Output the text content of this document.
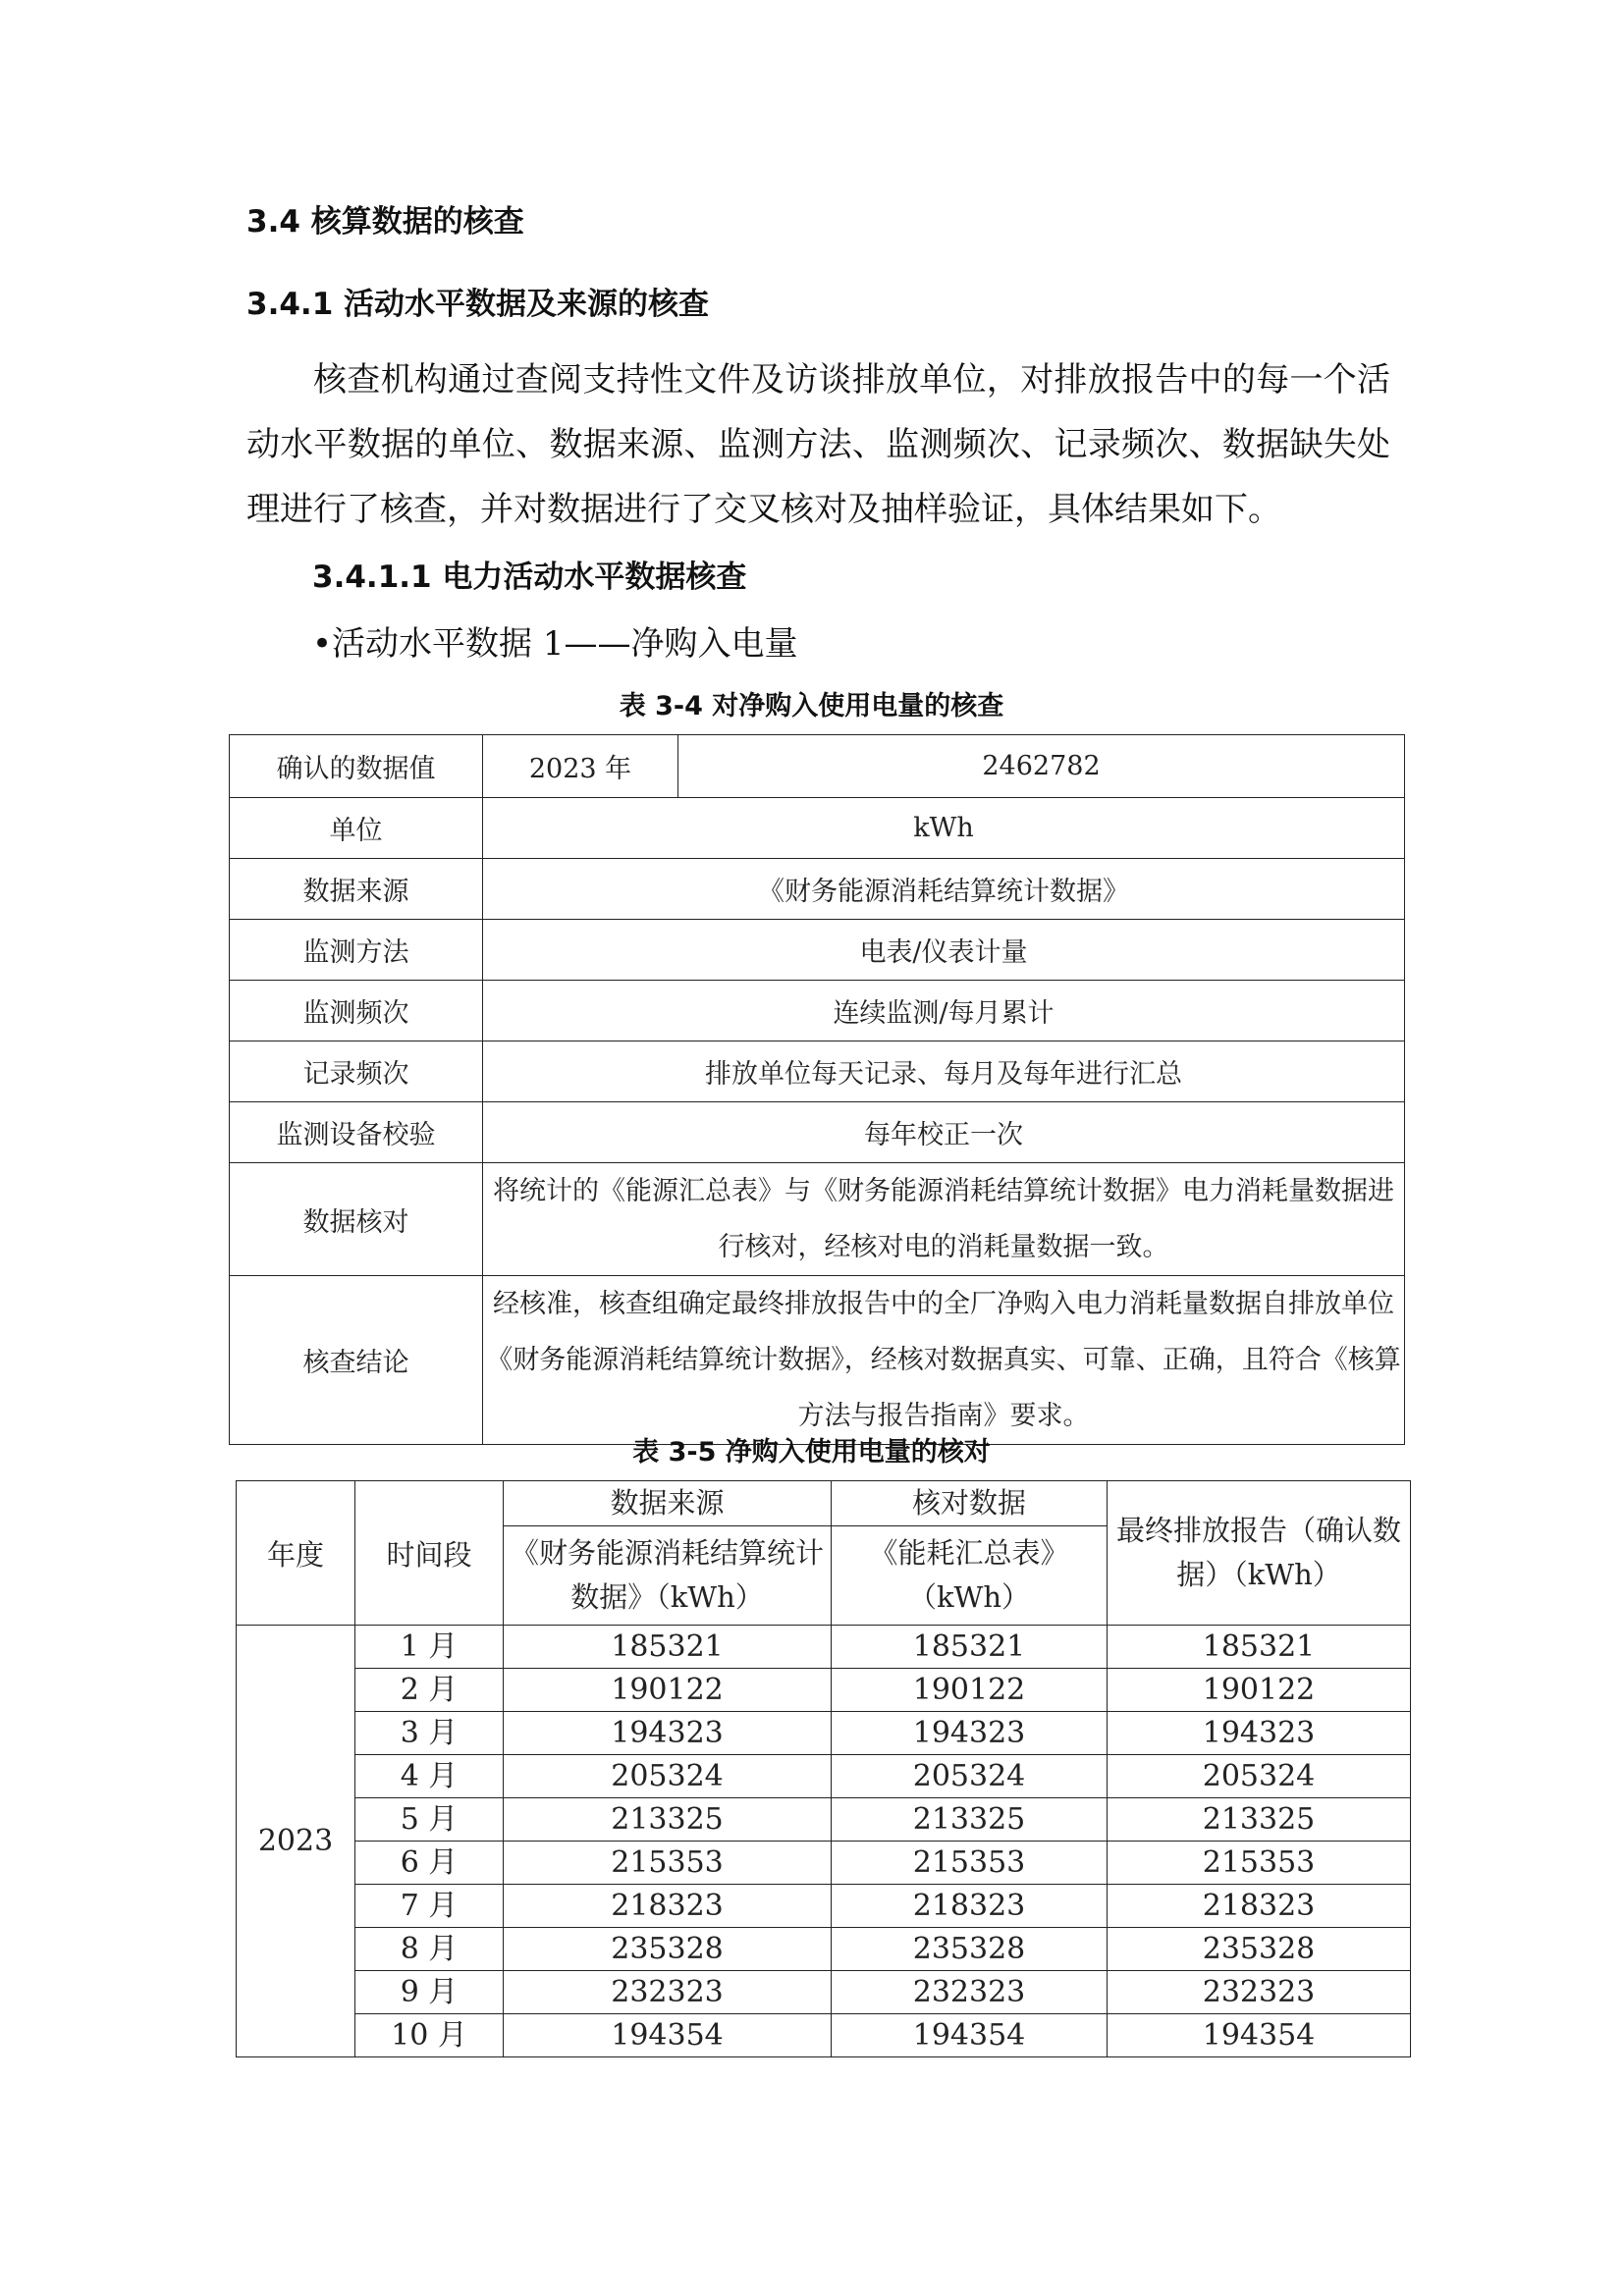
3.4 核算数据的核查
3.4.1 活动水平数据及来源的核查
核查机构通过查阅支持性文件及访谈排放单位，对排放报告中的每一个活动水平数据的单位、数据来源、监测方法、监测频次、记录频次、数据缺失处理进行了核查，并对数据进行了交叉核对及抽样验证，具体结果如下。
3.4.1.1 电力活动水平数据核查
•活动水平数据 1——净购入电量
表 3-4 对净购入使用电量的核查
确认的数据值	2023 年	2462782
单位	kWh	
数据来源	《财务能源消耗结算统计数据》	
监测方法	电表/仪表计量	
监测频次	连续监测/每月累计	
记录频次	排放单位每天记录、每月及每年进行汇总	
监测设备校验	每年校正一次	
数据核对	将统计的《能源汇总表》与《财务能源消耗结算统计数据》电力消耗量数据进行核对，经核对电的消耗量数据一致。	
核查结论	经核准，核查组确定最终排放报告中的全厂净购入电力消耗量数据自排放单位《财务能源消耗结算统计数据》，经核对数据真实、可靠、正确，且符合《核算方法与报告指南》要求。	
表 3-5 净购入使用电量的核对
年度	时间段	数据来源	核对数据	最终排放报告（确认数据）（kWh）
		《财务能源消耗结算统计数据》（kWh）	《能耗汇总表》（kWh）	
2023	1 月	185321	185321	185321
	2 月	190122	190122	190122
	3 月	194323	194323	194323
	4 月	205324	205324	205324
	5 月	213325	213325	213325
	6 月	215353	215353	215353
	7 月	218323	218323	218323
	8 月	235328	235328	235328
	9 月	232323	232323	232323
	10 月	194354	194354	194354
